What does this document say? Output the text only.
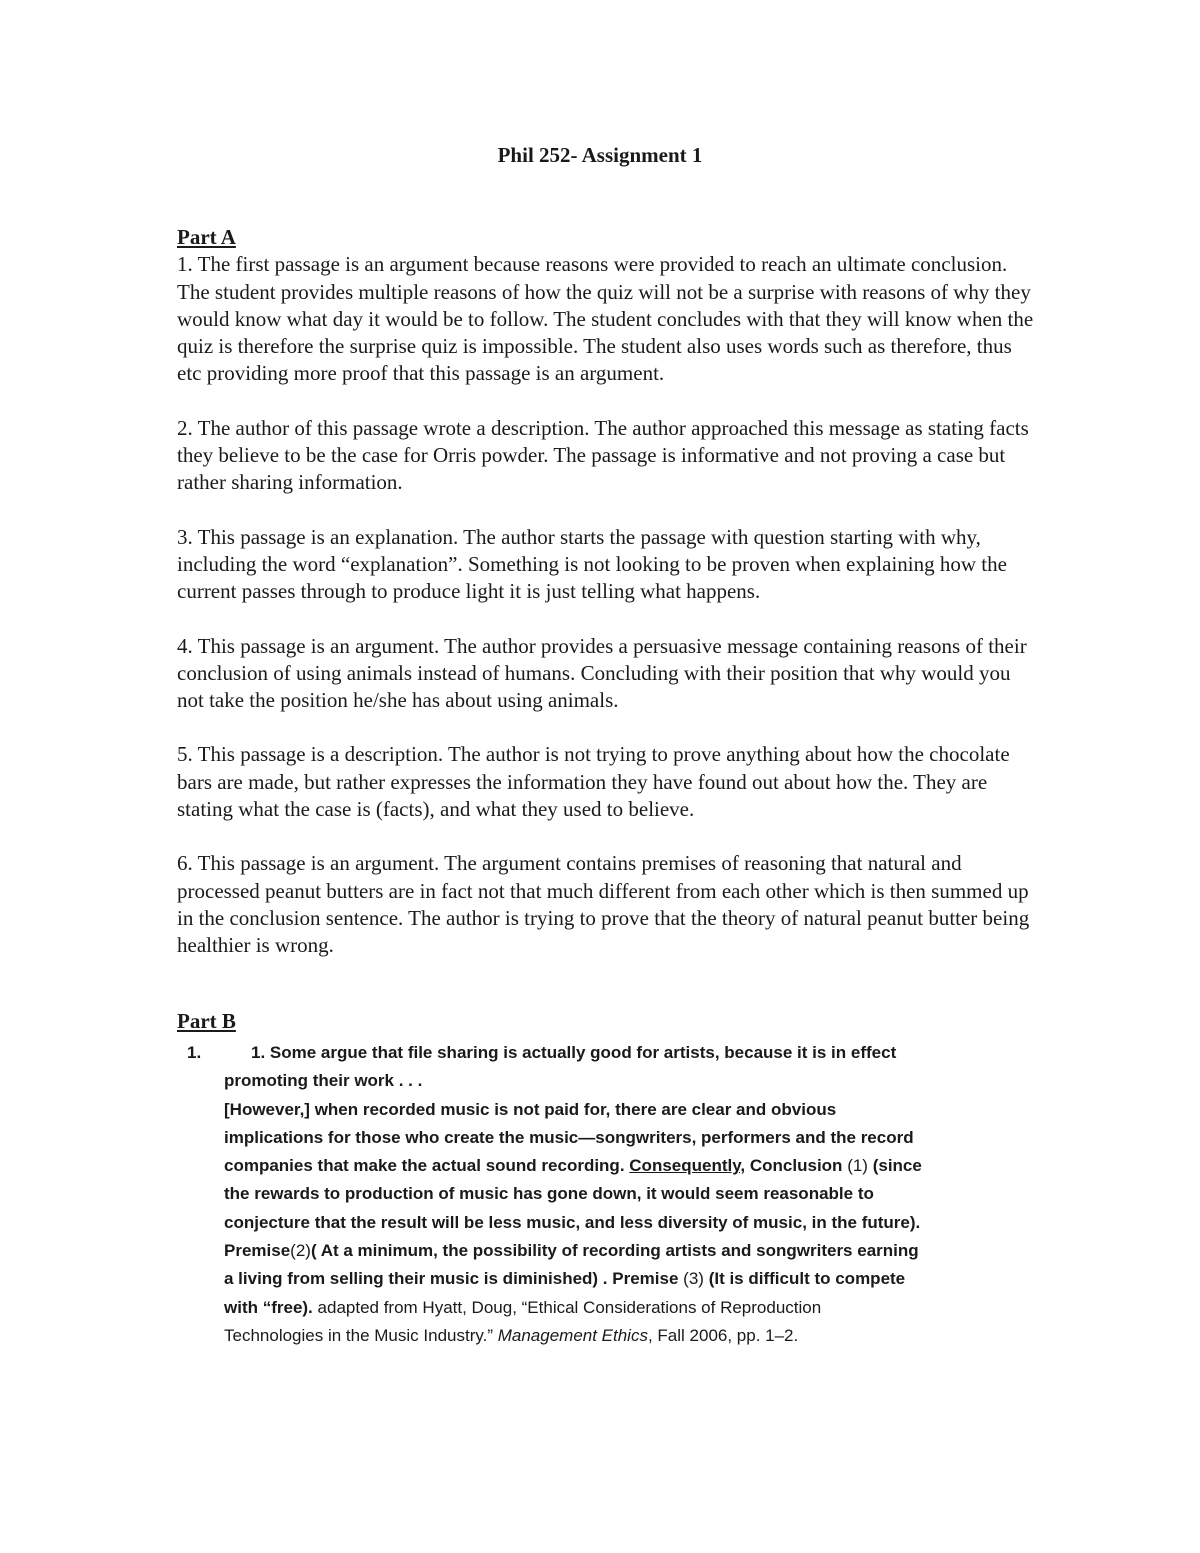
Phil 252- Assignment 1

Part A

1. The first passage is an argument because reasons were provided to reach an ultimate conclusion. The student provides multiple reasons of how the quiz will not be a surprise with reasons of why they would know what day it would be to follow. The student concludes with that they will know when the quiz is therefore the surprise quiz is impossible. The student also uses words such as therefore, thus etc providing more proof that this passage is an argument.

2. The author of this passage wrote a description. The author approached this message as stating facts they believe to be the case for Orris powder. The passage is informative and not proving a case but rather sharing information.

3. This passage is an explanation. The author starts the passage with question starting with why, including the word “explanation”. Something is not looking to be proven when explaining how the current passes through to produce light it is just telling what happens.

4. This passage is an argument. The author provides a persuasive message containing reasons of their conclusion of using animals instead of humans. Concluding with their position that why would you not take the position he/she has about using animals.

5. This passage is a description. The author is not trying to prove anything about how the chocolate bars are made, but rather expresses the information they have found out about how the. They are stating what the case is (facts), and what they used to believe.

6. This passage is an argument. The argument contains premises of reasoning that natural and processed peanut butters are in fact not that much different from each other which is then summed up in the conclusion sentence. The author is trying to prove that the theory of natural peanut butter being healthier is wrong.

Part B

1.	1. Some argue that file sharing is actually good for artists, because it is in effect promoting their work . . .
[However,] when recorded music is not paid for, there are clear and obvious implications for those who create the music—songwriters, performers and the record companies that make the actual sound recording. Consequently, Conclusion (1) (since the rewards to production of music has gone down, it would seem reasonable to conjecture that the result will be less music, and less diversity of music, in the future). Premise(2)( At a minimum, the possibility of recording artists and songwriters earning a living from selling their music is diminished) . Premise (3) (It is difficult to compete with “free). adapted from Hyatt, Doug, “Ethical Considerations of Reproduction Technologies in the Music Industry.” Management Ethics, Fall 2006, pp. 1–2.
